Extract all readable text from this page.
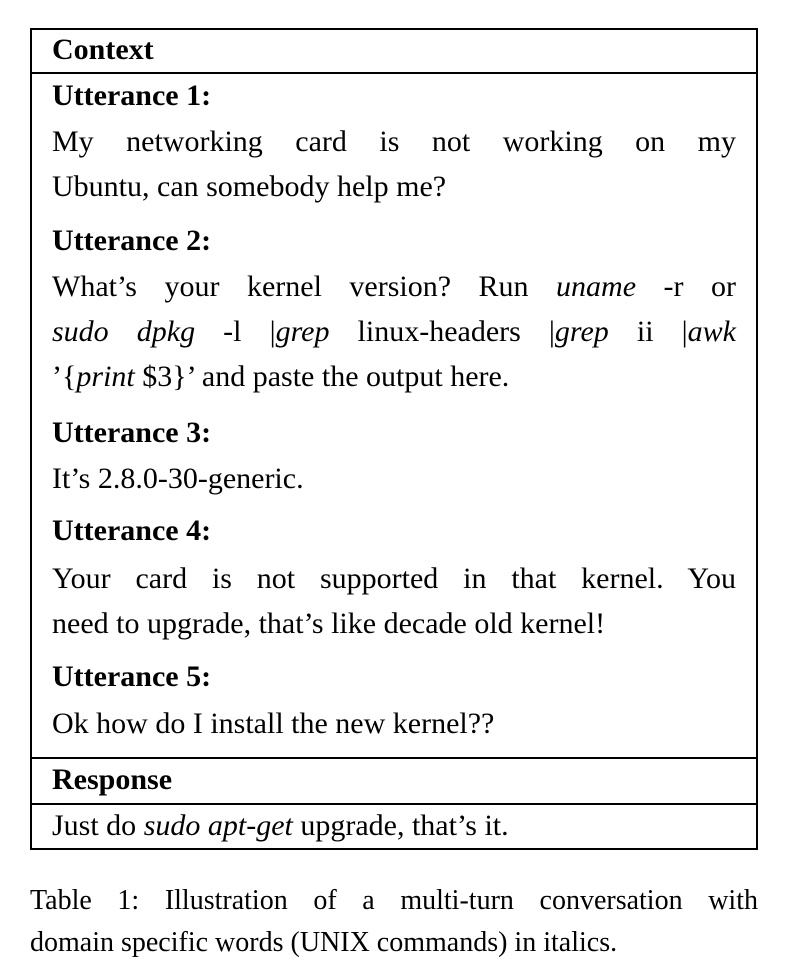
Context
Utterance 1:
My networking card is not working on my
Ubuntu, can somebody help me?
Utterance 2:
What’s your kernel version? Run uname -r or
sudo dpkg -l |grep linux-headers |grep ii |awk
’{print $3}’ and paste the output here.
Utterance 3:
It’s 2.8.0-30-generic.
Utterance 4:
Your card is not supported in that kernel. You
need to upgrade, that’s like decade old kernel!
Utterance 5:
Ok how do I install the new kernel??
Response
Just do sudo apt-get upgrade, that’s it.
Table 1: Illustration of a multi-turn conversation with
domain specific words (UNIX commands) in italics.
